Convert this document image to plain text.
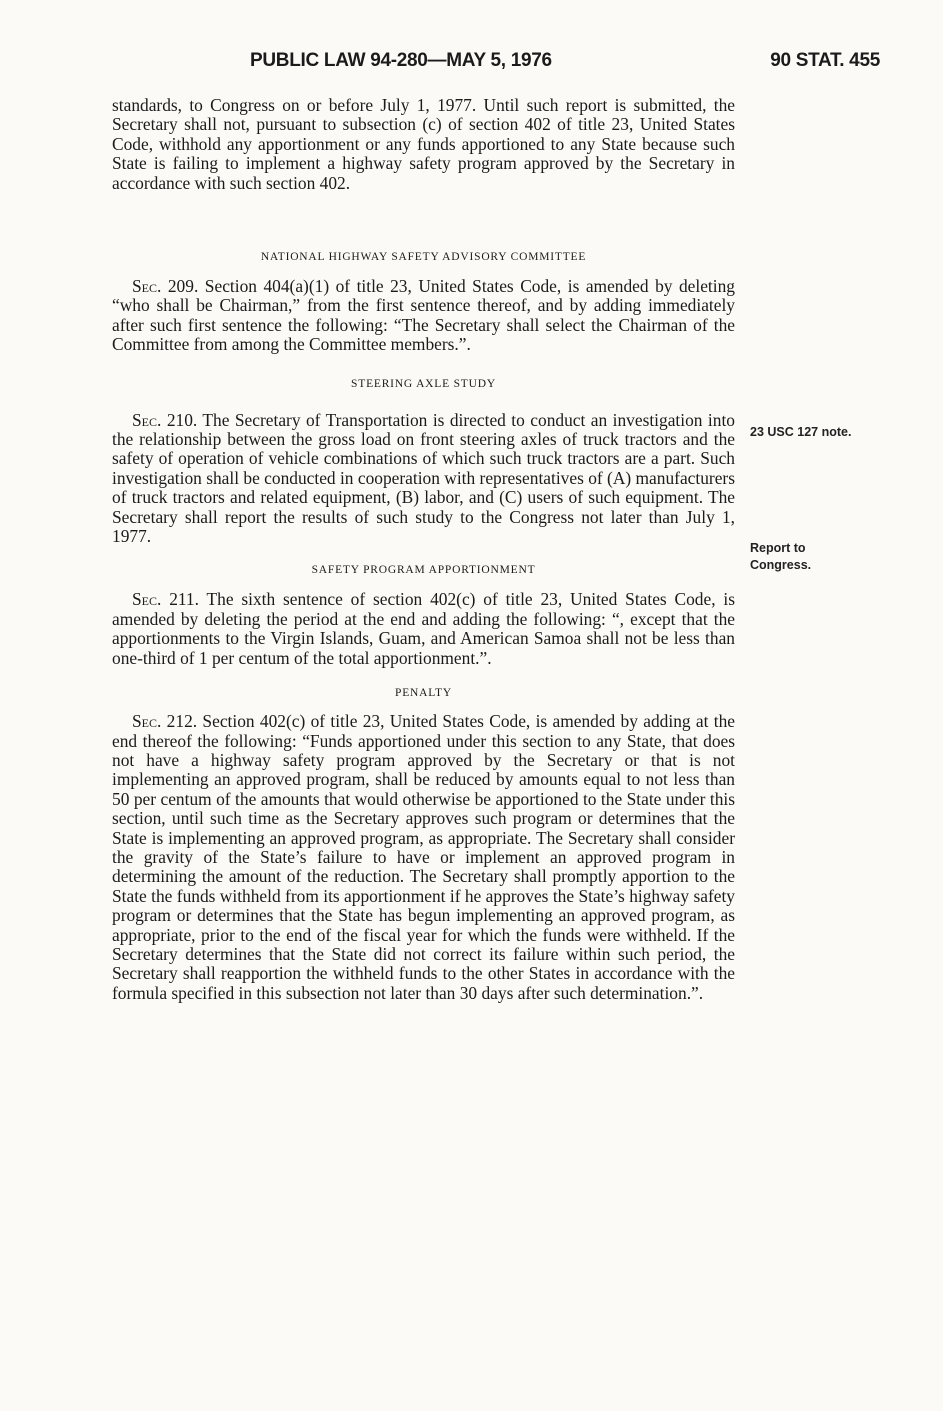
PUBLIC LAW 94-280—MAY 5, 1976	90 STAT. 455

standards, to Congress on or before July 1, 1977. Until such report is submitted, the Secretary shall not, pursuant to subsection (c) of section 402 of title 23, United States Code, withhold any apportionment or any funds apportioned to any State because such State is failing to implement a highway safety program approved by the Secretary in accordance with such section 402.

NATIONAL HIGHWAY SAFETY ADVISORY COMMITTEE

Sec. 209. Section 404(a)(1) of title 23, United States Code, is amended by deleting “who shall be Chairman,” from the first sentence thereof, and by adding immediately after such first sentence the following: “The Secretary shall select the Chairman of the Committee from among the Committee members.”.

STEERING AXLE STUDY

Sec. 210. The Secretary of Transportation is directed to conduct an investigation into the relationship between the gross load on front steering axles of truck tractors and the safety of operation of vehicle combinations of which such truck tractors are a part. Such investigation shall be conducted in cooperation with representatives of (A) manufacturers of truck tractors and related equipment, (B) labor, and (C) users of such equipment. The Secretary shall report the results of such study to the Congress not later than July 1, 1977.

SAFETY PROGRAM APPORTIONMENT

Sec. 211. The sixth sentence of section 402(c) of title 23, United States Code, is amended by deleting the period at the end and adding the following: “, except that the apportionments to the Virgin Islands, Guam, and American Samoa shall not be less than one-third of 1 per centum of the total apportionment.”.

PENALTY

Sec. 212. Section 402(c) of title 23, United States Code, is amended by adding at the end thereof the following: “Funds apportioned under this section to any State, that does not have a highway safety program approved by the Secretary or that is not implementing an approved program, shall be reduced by amounts equal to not less than 50 per centum of the amounts that would otherwise be apportioned to the State under this section, until such time as the Secretary approves such program or determines that the State is implementing an approved program, as appropriate. The Secretary shall consider the gravity of the State’s failure to have or implement an approved program in determining the amount of the reduction. The Secretary shall promptly apportion to the State the funds withheld from its apportionment if he approves the State’s highway safety program or determines that the State has begun implementing an approved program, as appropriate, prior to the end of the fiscal year for which the funds were withheld. If the Secretary determines that the State did not correct its failure within such period, the Secretary shall reapportion the withheld funds to the other States in accordance with the formula specified in this subsection not later than 30 days after such determination.”.

23 USC 127 note.
Report to
Congress.
